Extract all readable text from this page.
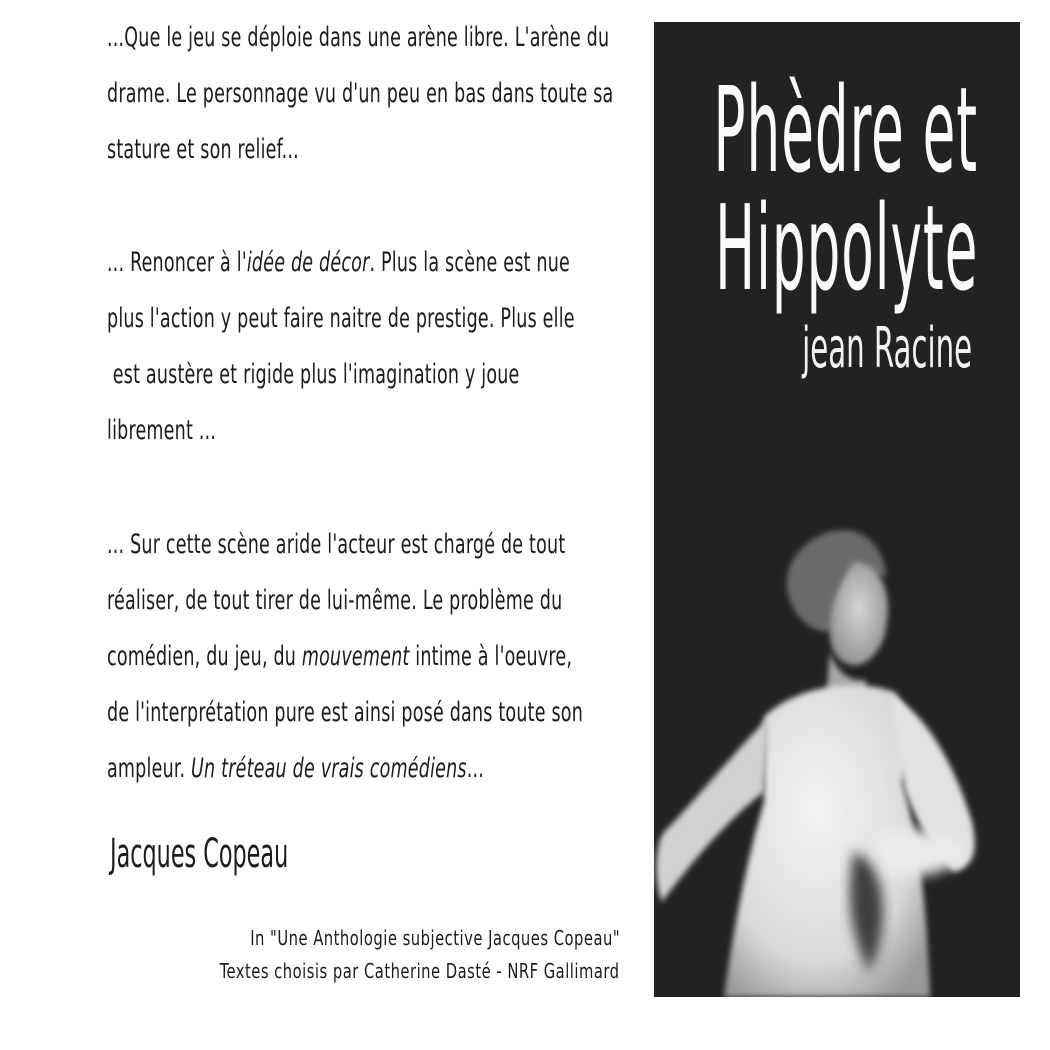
...Que le jeu se déploie dans une arène libre. L'arène du
drame. Le personnage vu d'un peu en bas dans toute sa
stature et son relief...
... Renoncer à l'idée de décor. Plus la scène est nue
plus l'action y peut faire naitre de prestige. Plus elle
est austère et rigide plus l'imagination y joue
librement ...
... Sur cette scène aride l'acteur est chargé de tout
réaliser, de tout tirer de lui-même. Le problème du
comédien, du jeu, du mouvement intime à l'oeuvre,
de l'interprétation pure est ainsi posé dans toute son
ampleur. Un tréteau de vrais comédiens...
Jacques Copeau
In "Une Anthologie subjective Jacques Copeau"
Textes choisis par Catherine Dasté - NRF Gallimard
Phèdre et
Hippolyte
jean Racine
